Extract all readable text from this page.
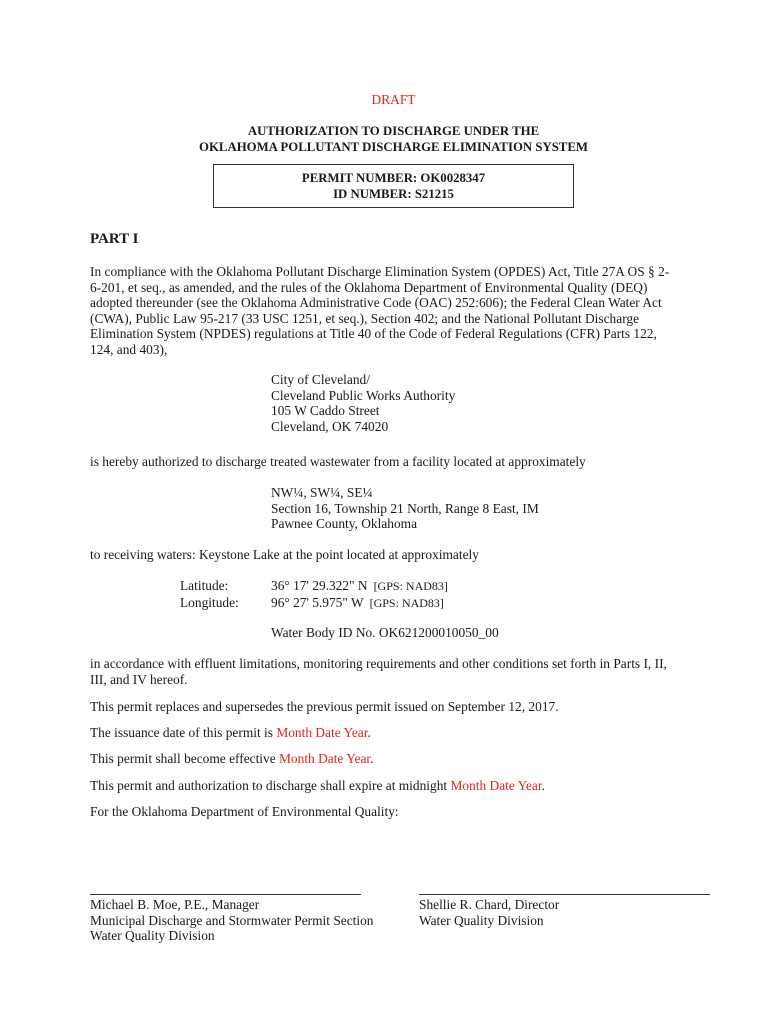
DRAFT
AUTHORIZATION TO DISCHARGE UNDER THE
OKLAHOMA POLLUTANT DISCHARGE ELIMINATION SYSTEM
PERMIT NUMBER: OK0028347
ID NUMBER: S21215
PART I
In compliance with the Oklahoma Pollutant Discharge Elimination System (OPDES) Act, Title 27A OS § 2-
6-201, et seq., as amended, and the rules of the Oklahoma Department of Environmental Quality (DEQ)
adopted thereunder (see the Oklahoma Administrative Code (OAC) 252:606); the Federal Clean Water Act
(CWA), Public Law 95-217 (33 USC 1251, et seq.), Section 402; and the National Pollutant Discharge
Elimination System (NPDES) regulations at Title 40 of the Code of Federal Regulations (CFR) Parts 122,
124, and 403),
City of Cleveland/
Cleveland Public Works Authority
105 W Caddo Street
Cleveland, OK 74020
is hereby authorized to discharge treated wastewater from a facility located at approximately
NW¼, SW¼, SE¼
Section 16, Township 21 North, Range 8 East, IM
Pawnee County, Oklahoma
to receiving waters: Keystone Lake at the point located at approximately
Latitude:	36° 17' 29.322" N [GPS: NAD83]
Longitude: 96° 27' 5.975" W [GPS: NAD83]
Water Body ID No. OK621200010050_00
in accordance with effluent limitations, monitoring requirements and other conditions set forth in Parts I, II,
III, and IV hereof.
This permit replaces and supersedes the previous permit issued on September 12, 2017.
The issuance date of this permit is Month Date Year.
This permit shall become effective Month Date Year.
This permit and authorization to discharge shall expire at midnight Month Date Year.
For the Oklahoma Department of Environmental Quality:
Michael B. Moe, P.E., Manager
Municipal Discharge and Stormwater Permit Section
Water Quality Division
Shellie R. Chard, Director
Water Quality Division
